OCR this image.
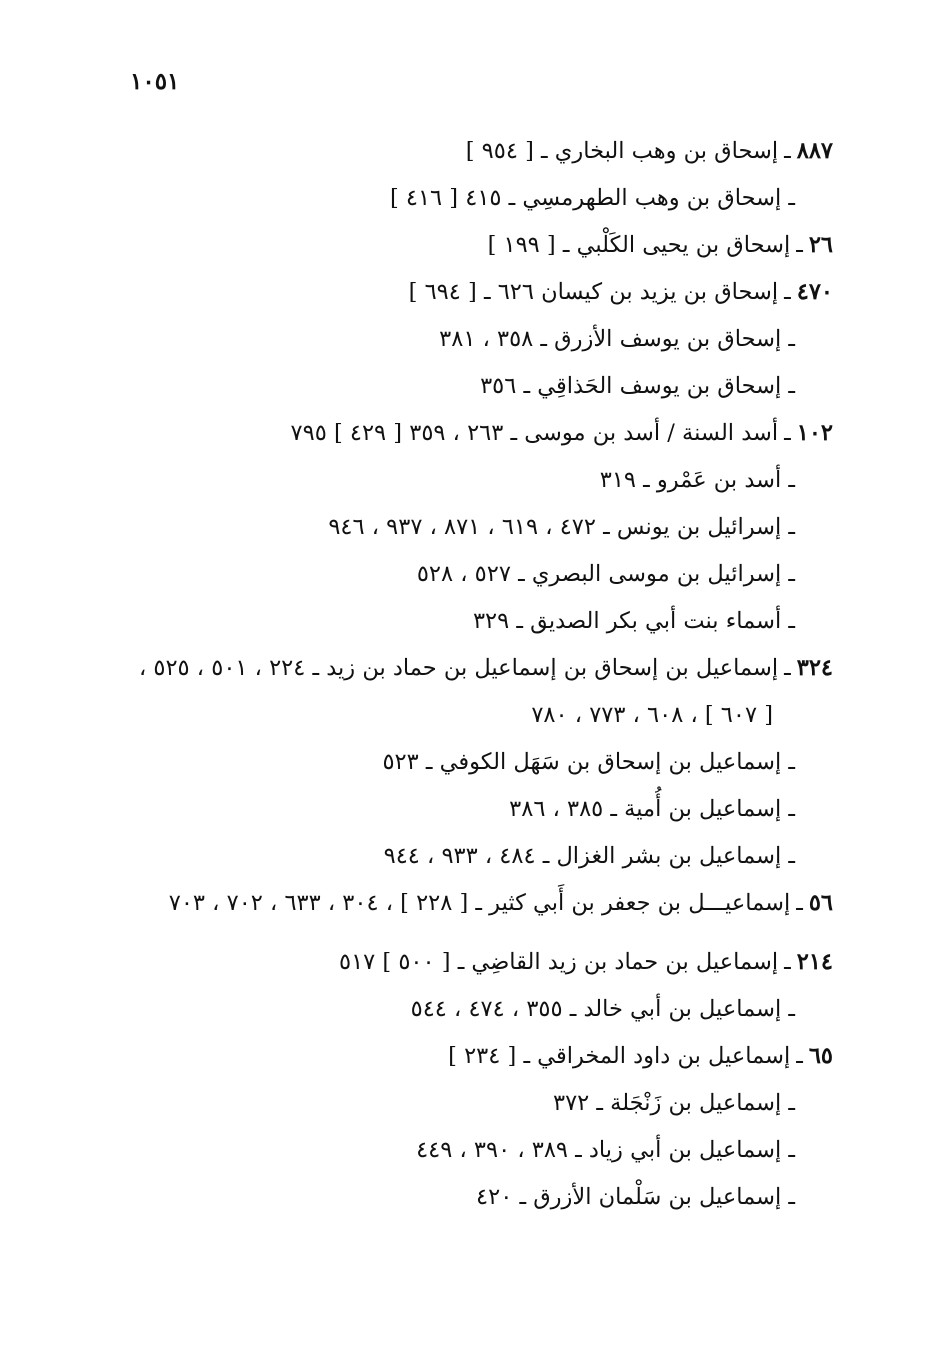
١٠٥١
٨٨٧ـإسحاق بن وهب البخاري ـ [ ٩٥٤ ]
ـ إسحاق بن وهب الطهرمسِي ـ ٤١٥ [ ٤١٦ ]
٢٦ـإسحاق بن يحيى الكَلْبي ـ [ ١٩٩ ]
٤٧٠ـإسحاق بن يزيد بن كيسان ٦٢٦ ـ [ ٦٩٤ ]
ـ إسحاق بن يوسف الأزرق ـ ٣٥٨ ، ٣٨١
ـ إسحاق بن يوسف الحَذاقِي ـ ٣٥٦
١٠٢ـأسد السنة / أسد بن موسى ـ ٢٦٣ ، ٣٥٩ [ ٤٢٩ ] ٧٩٥
ـ أسد بن عَمْرو ـ ٣١٩
ـ إسرائيل بن يونس ـ ٤٧٢ ، ٦١٩ ، ٨٧١ ، ٩٣٧ ، ٩٤٦
ـ إسرائيل بن موسى البصري ـ ٥٢٧ ، ٥٢٨
ـ أسماء بنت أبي بكر الصديق ـ ٣٢٩
٣٢٤ـإسماعيل بن إسحاق بن إسماعيل بن حماد بن زيد ـ ٢٢٤ ، ٥٠١ ، ٥٢٥ ،
[ ٦٠٧ ] ، ٦٠٨ ، ٧٧٣ ، ٧٨٠
ـ إسماعيل بن إسحاق بن سَهَل الكوفي ـ ٥٢٣
ـ إسماعيل بن أُمية ـ ٣٨٥ ، ٣٨٦
ـ إسماعيل بن بشر الغزال ـ ٤٨٤ ، ٩٣٣ ، ٩٤٤
٥٦ـإسماعيـــل بن جعفر بن أَبي كثير ـ [ ٢٢٨ ] ، ٣٠٤ ، ٦٣٣ ، ٧٠٢ ، ٧٠٣
٢١٤ـإسماعيل بن حماد بن زيد القاضِي ـ [ ٥٠٠ ] ٥١٧
ـ إسماعيل بن أبي خالد ـ ٣٥٥ ، ٤٧٤ ، ٥٤٤
٦٥ـإسماعيل بن داود المخراقي ـ [ ٢٣٤ ]
ـ إسماعيل بن زَنْجَلة ـ ٣٧٢
ـ إسماعيل بن أبي زياد ـ ٣٨٩ ، ٣٩٠ ، ٤٤٩
ـ إسماعيل بن سَلْمان الأزرق ـ ٤٢٠
